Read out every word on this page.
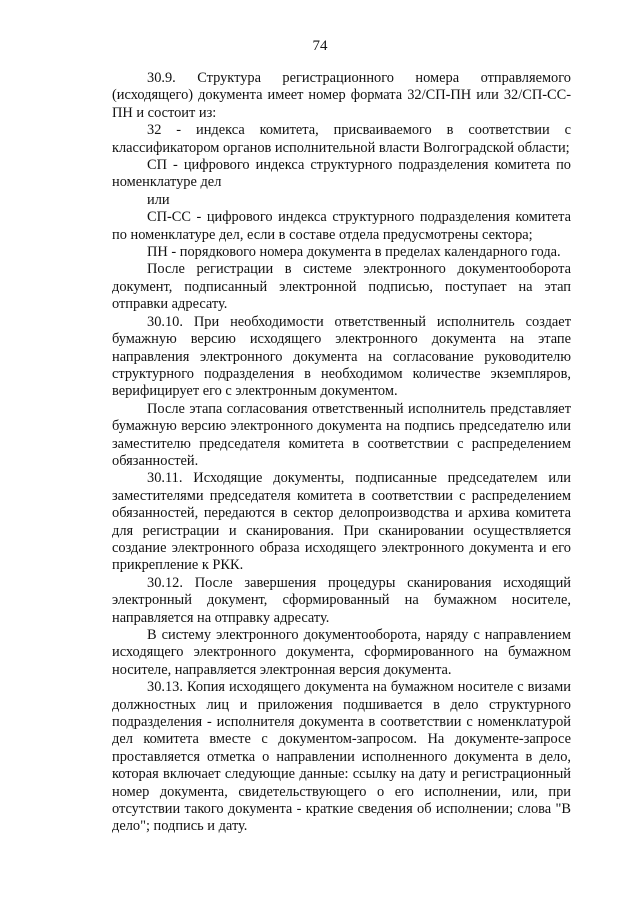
74

30.9. Структура регистрационного номера отправляемого (исходящего) документа имеет номер формата 32/СП-ПН или 32/СП-СС-ПН и состоит из:

32 - индекса комитета, присваиваемого в соответствии с классификатором органов исполнительной власти Волгоградской области;

СП - цифрового индекса структурного подразделения комитета по номенклатуре дел

или

СП-СС - цифрового индекса структурного подразделения комитета по номенклатуре дел, если в составе отдела предусмотрены сектора;

ПН - порядкового номера документа в пределах календарного года.

После регистрации в системе электронного документооборота документ, подписанный электронной подписью, поступает на этап отправки адресату.

30.10. При необходимости ответственный исполнитель создает бумажную версию исходящего электронного документа на этапе направления электронного документа на согласование руководителю структурного подразделения в необходимом количестве экземпляров, верифицирует его с электронным документом.

После этапа согласования ответственный исполнитель представляет бумажную версию электронного документа на подпись председателю или заместителю председателя комитета в соответствии с распределением обязанностей.

30.11. Исходящие документы, подписанные председателем или заместителями председателя комитета в соответствии с распределением обязанностей, передаются в сектор делопроизводства и архива комитета для регистрации и сканирования. При сканировании осуществляется создание электронного образа исходящего электронного документа и его прикрепление к РКК.

30.12. После завершения процедуры сканирования исходящий электронный документ, сформированный на бумажном носителе, направляется на отправку адресату.

В систему электронного документооборота, наряду с направлением исходящего электронного документа, сформированного на бумажном носителе, направляется электронная версия документа.

30.13. Копия исходящего документа на бумажном носителе с визами должностных лиц и приложения подшивается в дело структурного подразделения - исполнителя документа в соответствии с номенклатурой дел комитета вместе с документом-запросом. На документе-запросе проставляется отметка о направлении исполненного документа в дело, которая включает следующие данные: ссылку на дату и регистрационный номер документа, свидетельствующего о его исполнении, или, при отсутствии такого документа - краткие сведения об исполнении; слова "В дело"; подпись и дату.
